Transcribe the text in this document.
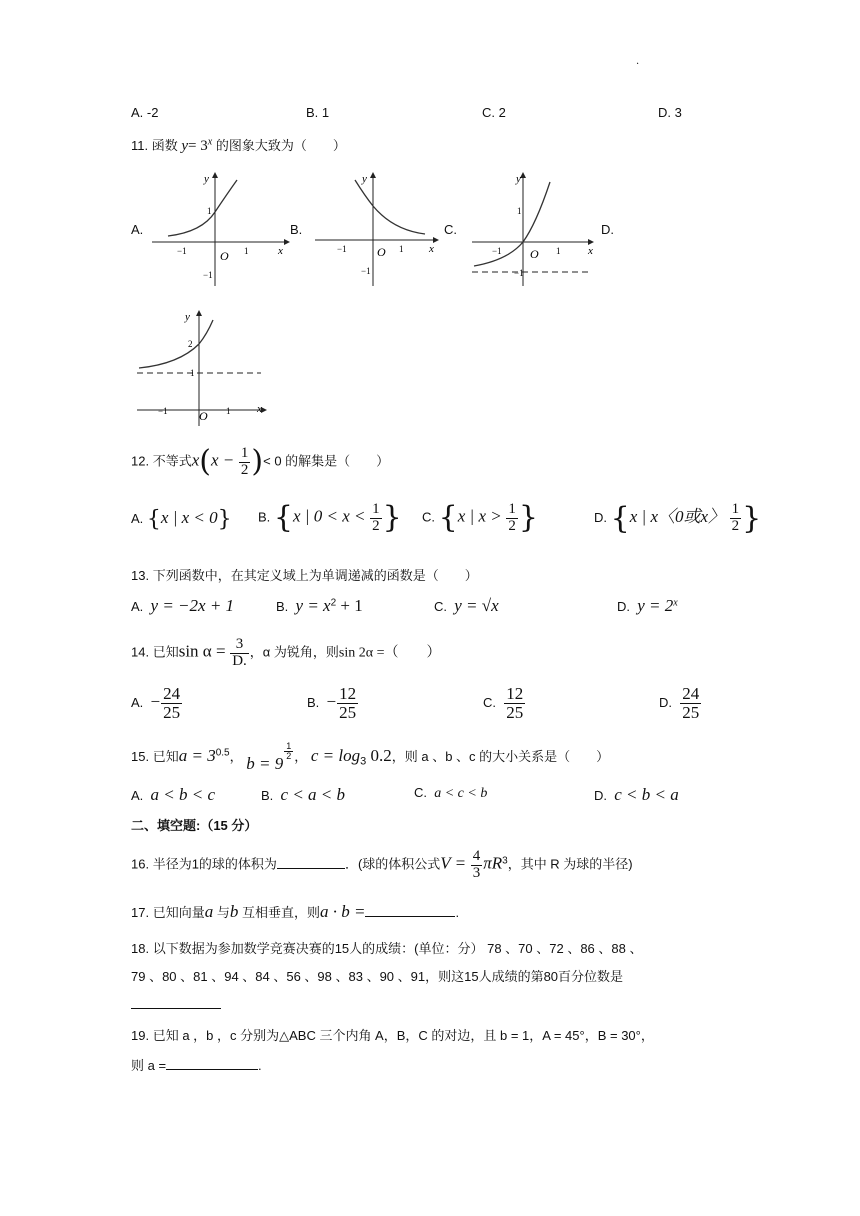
.
A. -2	B. 1	C. 2	D. 3
11. 函数 $y= 3^x$ 的图象大致为（　　）
A.	B.	C.	D.
x
y
O
1
−1	1
−1
x
y
O
−1	1
−1
x
y
O
1
−1	1
−1
x
y
O
2
1
−1	1
12. 不等式$x(x - \frac{1}{2}$ )< 0 的解集是（　　）
A. {x | x < 0} B. {x | $0 < x < \frac{1}{2}$ } C. {x | $x > \frac{1}{2}$ }	D. {x | x〈0或x〉 $\frac{1}{2}$ }
13. 下列函数中，在其定义域上为单调递减的函数是（　　）
A. y = −2x + 1	B. $y = x^2 + 1$	C. y = √x	D. $y = 2^x$
14. 已知$\sin \alpha = \frac{3}{D.}$ ，α 为锐角，则sin 2α =（　　）
A. − $\frac{24}{25}$	B. − $\frac{12}{25}$	C. $\frac{12}{25}$	D. $\frac{24}{25}$
15. 已知$a = 3^{0.5}$， b = 9
$\frac{1}{2}$ ， $c = \log_3 0.2$，则 a 、b 、c 的大小关系是（　　）
A. a < b < c	B. c < a < b	C. a < c < b	D. c < b < a
二、填空题:（15 分）
16. 半径为1的球的体积为	．(球的体积公式$V = \frac{4}{3} \pi R^3$，其中 R 为球的半径)
17. 已知向量a 与b 互相垂直，则a · b =	.
18. 以下数据为参加数学竞赛决赛的15人的成绩：(单位：分） 78 、70 、72 、86 、88 、
79 、80 、81 、94 、84 、56 、98 、83 、90 、91，则这15人成绩的第80百分位数是
19. 已知 a ，b ，c 分别为△ABC 三个内角 A，B，C 的对边，且 b = 1，A = 45°，B = 30°，
则 a =	.
